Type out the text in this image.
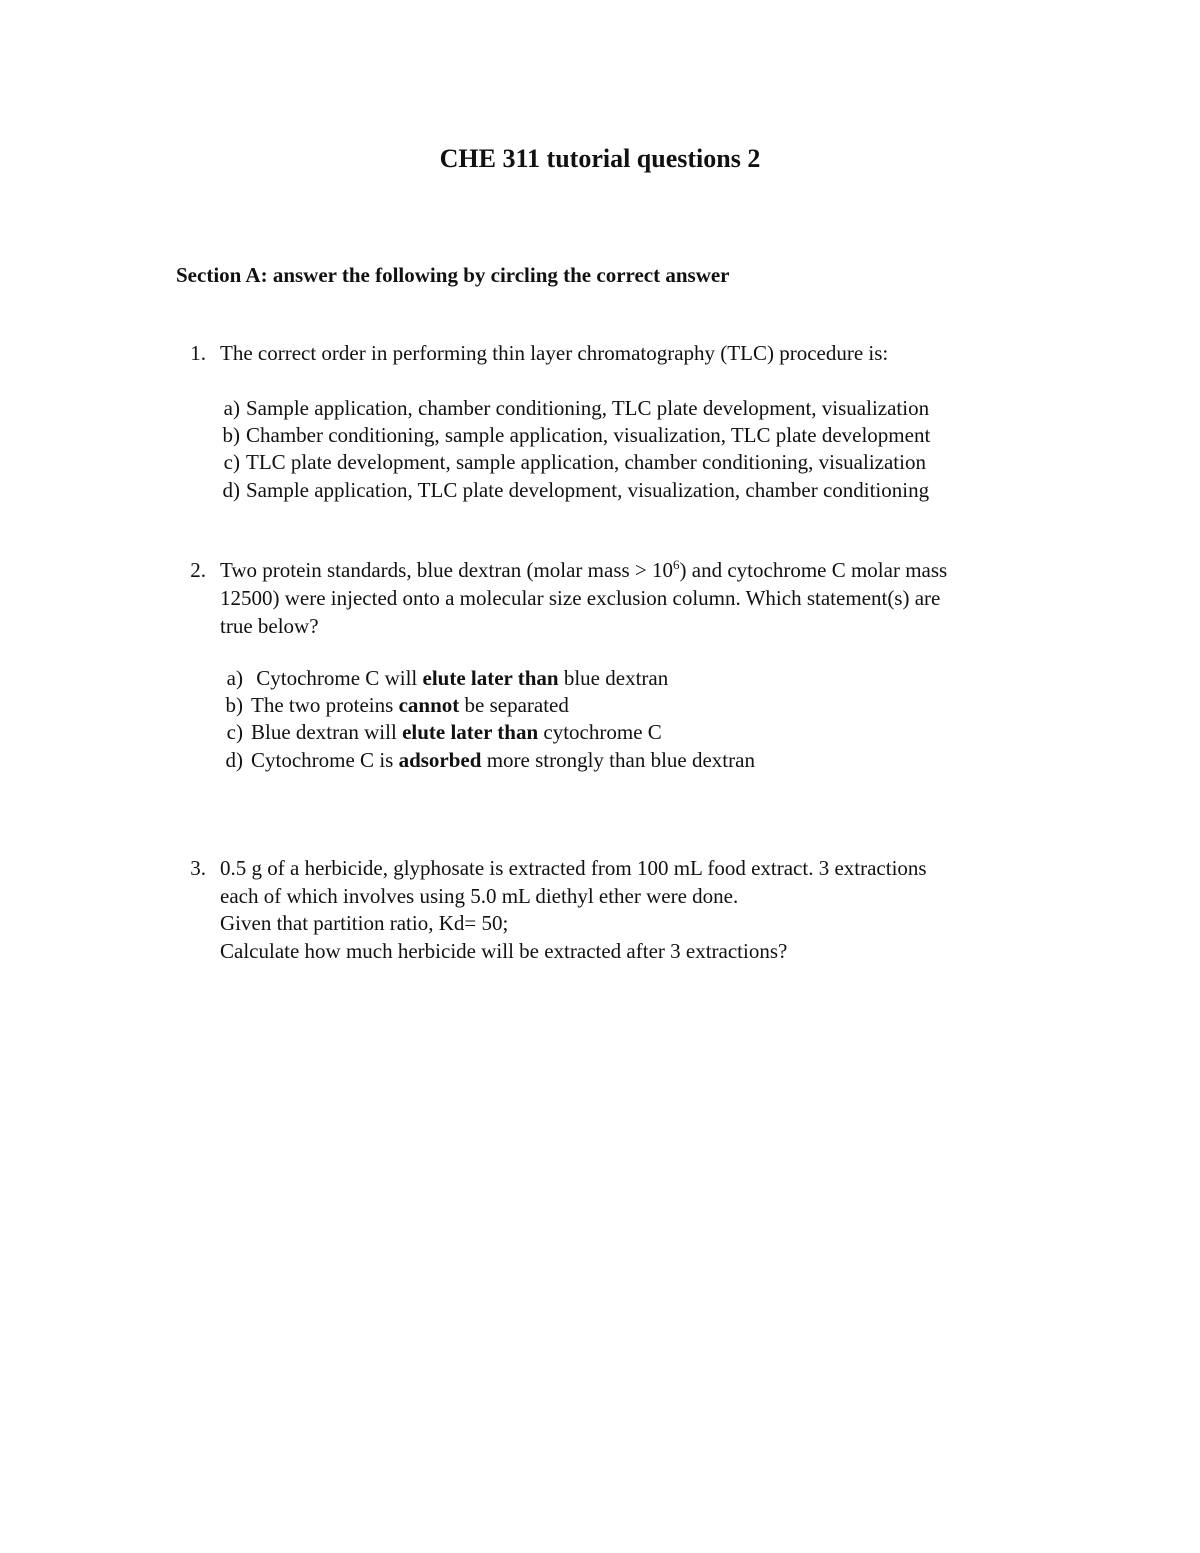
CHE 311 tutorial questions 2
Section A: answer the following by circling the correct answer
1. The correct order in performing thin layer chromatography (TLC) procedure is:
a) Sample application, chamber conditioning, TLC plate development, visualization
b) Chamber conditioning, sample application, visualization, TLC plate development
c) TLC plate development, sample application, chamber conditioning, visualization
d) Sample application, TLC plate development, visualization, chamber conditioning
2. Two protein standards, blue dextran (molar mass > $10^6$) and cytochrome C molar mass
12500) were injected onto a molecular size exclusion column. Which statement(s) are
true below?
a) Cytochrome C will elute later than blue dextran
b) The two proteins cannot be separated
c) Blue dextran will elute later than cytochrome C
d) Cytochrome C is adsorbed more strongly than blue dextran
3. 0.5 g of a herbicide, glyphosate is extracted from 100 mL food extract. 3 extractions
each of which involves using 5.0 mL diethyl ether were done.
Given that partition ratio, Kd= 50;
Calculate how much herbicide will be extracted after 3 extractions?
